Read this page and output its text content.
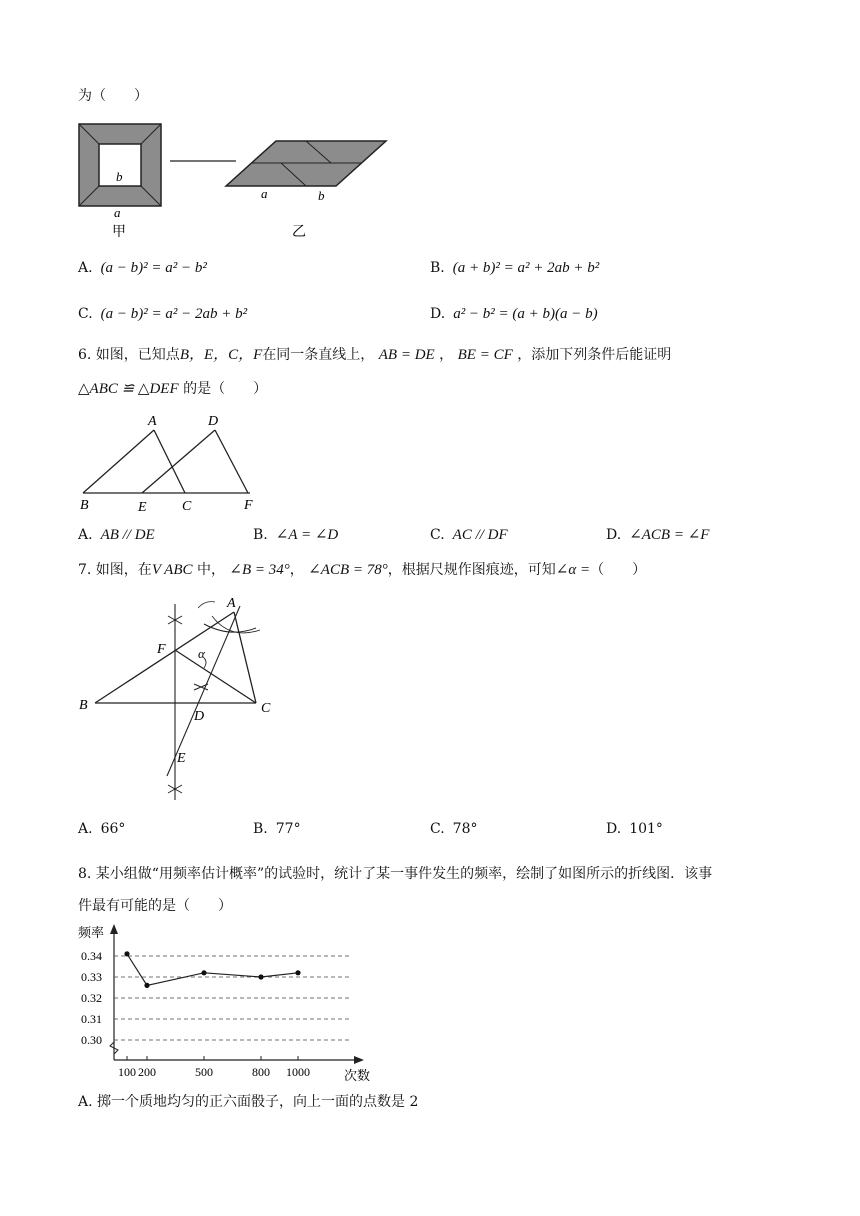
为（　　）
b
a
甲
a	b
乙
A. (a − b)² = a² − b²	B. (a + b)² = a² + 2ab + b²
C. (a − b)² = a² − 2ab + b²	D. a² − b² = (a + b)(a − b)
6. 如图，已知点B，E，C，F在同一条直线上， AB = DE ， BE = CF ，添加下列条件后能证明
△ABC ≌ △DEF 的是（　　）
A	D
B	E	C	F
A. AB // DE	B. ∠A = ∠D	C. AC // DF	D. ∠ACB = ∠F
7. 如图，在V ABC 中， ∠B = 34°， ∠ACB = 78°，根据尺规作图痕迹，可知∠α =（　　）
A
F α
B
D
C
E
A. 66°	B. 77°	C. 78°	D. 101°
8. 某小组做“用频率估计概率”的试验时，统计了某一事件发生的频率，绘制了如图所示的折线图．该事
件最有可能的是（　　）
频率
次数
0.34
0.33
0.32
0.31
0.30
100 200	500	800 1000
A. 掷一个质地均匀的正六面骰子，向上一面的点数是 2
